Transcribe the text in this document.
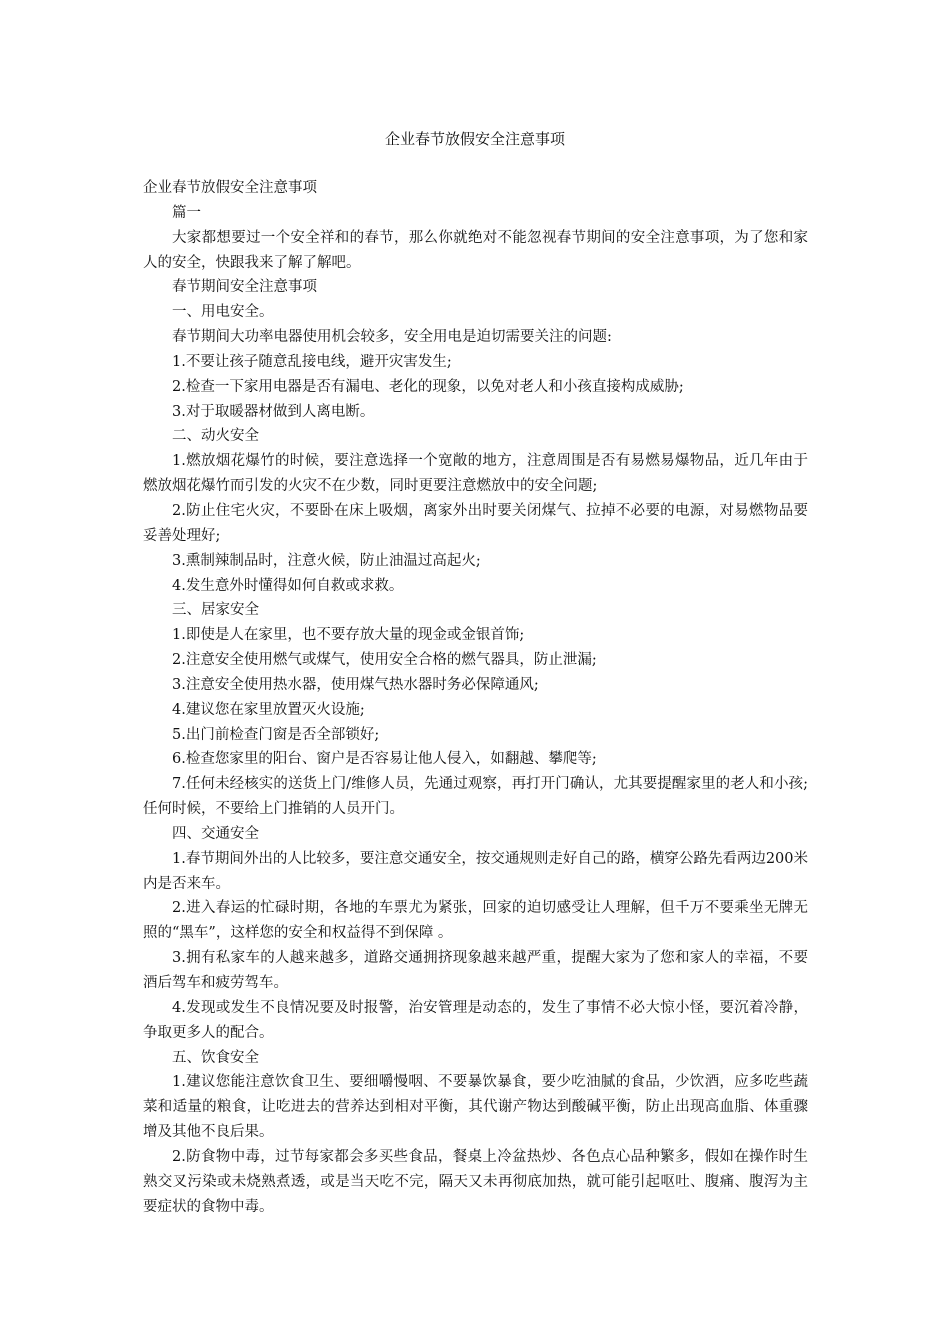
企业春节放假安全注意事项

企业春节放假安全注意事项

篇一

大家都想要过一个安全祥和的春节，那么你就绝对不能忽视春节期间的安全注意事项，为了您和家人的安全，快跟我来了解了解吧。

春节期间安全注意事项

一、用电安全。

春节期间大功率电器使用机会较多，安全用电是迫切需要关注的问题:

1.不要让孩子随意乱接电线，避开灾害发生;

2.检查一下家用电器是否有漏电、老化的现象，以免对老人和小孩直接构成威胁;

3.对于取暖器材做到人离电断。

二、动火安全

1.燃放烟花爆竹的时候，要注意选择一个宽敞的地方，注意周围是否有易燃易爆物品，近几年由于燃放烟花爆竹而引发的火灾不在少数，同时更要注意燃放中的安全问题;

2.防止住宅火灾，不要卧在床上吸烟，离家外出时要关闭煤气、拉掉不必要的电源，对易燃物品要妥善处理好;

3.熏制辣制品时，注意火候，防止油温过高起火;

4.发生意外时懂得如何自救或求救。

三、居家安全

1.即使是人在家里，也不要存放大量的现金或金银首饰;

2.注意安全使用燃气或煤气，使用安全合格的燃气器具，防止泄漏;

3.注意安全使用热水器，使用煤气热水器时务必保障通风;

4.建议您在家里放置灭火设施;

5.出门前检查门窗是否全部锁好;

6.检查您家里的阳台、窗户是否容易让他人侵入，如翻越、攀爬等;

7.任何未经核实的送货上门/维修人员，先通过观察，再打开门确认，尤其要提醒家里的老人和小孩;任何时候，不要给上门推销的人员开门。

四、交通安全

1.春节期间外出的人比较多，要注意交通安全，按交通规则走好自己的路，横穿公路先看两边200米内是否来车。

2.进入春运的忙碌时期，各地的车票尤为紧张，回家的迫切感受让人理解，但千万不要乘坐无牌无照的“黑车”，这样您的安全和权益得不到保障 。

3.拥有私家车的人越来越多，道路交通拥挤现象越来越严重，提醒大家为了您和家人的幸福，不要酒后驾车和疲劳驾车。

4.发现或发生不良情况要及时报警，治安管理是动态的，发生了事情不必大惊小怪，要沉着冷静，争取更多人的配合。

五、饮食安全

1.建议您能注意饮食卫生、要细嚼慢咽、不要暴饮暴食，要少吃油腻的食品，少饮酒，应多吃些蔬菜和适量的粮食，让吃进去的营养达到相对平衡，其代谢产物达到酸碱平衡，防止出现高血脂、体重骤增及其他不良后果。

2.防食物中毒，过节每家都会多买些食品，餐桌上冷盆热炒、各色点心品种繁多，假如在操作时生熟交叉污染或未烧熟煮透，或是当天吃不完，隔天又未再彻底加热，就可能引起呕吐、腹痛、腹泻为主要症状的食物中毒。
